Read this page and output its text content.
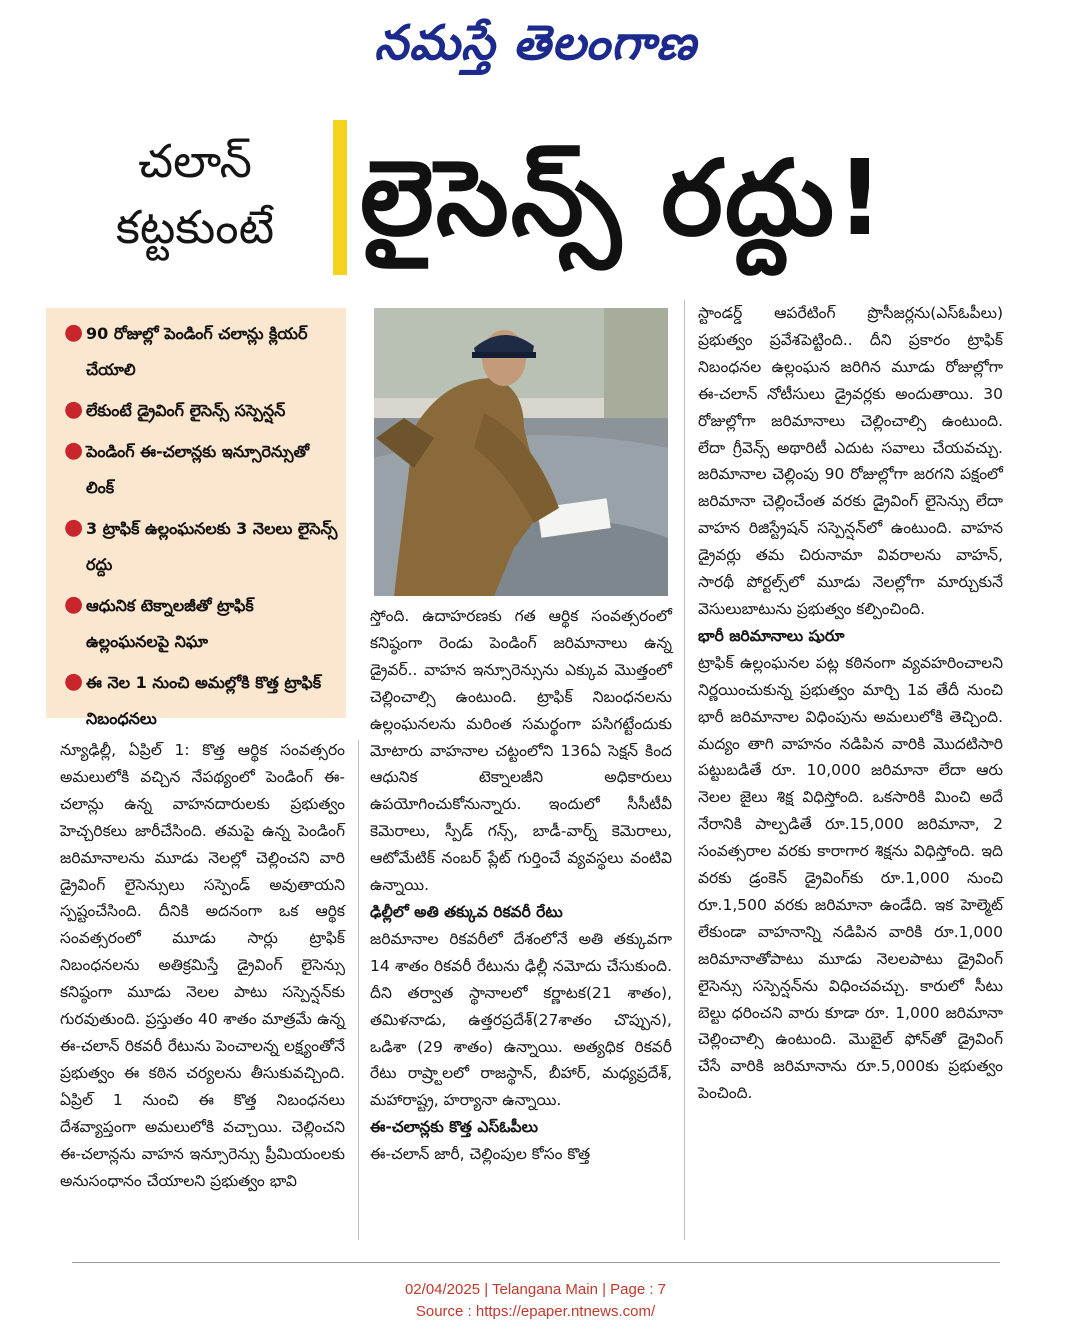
నమస్తే తెలంగాణ
చలాన్
కట్టకుంటే లైసెన్స్ రద్దు!
● 90 రోజుల్లో పెండింగ్ చలాన్లు క్లియర్ చేయాలి
● లేకుంటే డ్రైవింగ్ లైసెన్స్ సస్పెన్షన్
● పెండింగ్ ఈ-చలాన్లకు ఇన్సూరెన్సుతో లింక్
● 3 ట్రాఫిక్ ఉల్లంఘనలకు 3 నెలలు లైసెన్స్ రద్దు
● ఆధునిక టెక్నాలజీతో ట్రాఫిక్ ఉల్లంఘనలపై నిఘా
● ఈ నెల 1 నుంచి అమల్లోకి కొత్త ట్రాఫిక్ నిబంధనలు

న్యూఢిల్లీ, ఏప్రిల్ 1: కొత్త ఆర్థిక సంవత్సరం అమలులోకి వచ్చిన నేపథ్యంలో పెండింగ్ ఈ-చలాన్లు ఉన్న వాహనదారులకు ప్రభుత్వం హెచ్చరికలు జారీచేసింది. తమపై ఉన్న పెండింగ్ జరిమానాలను మూడు నెలల్లో చెల్లించని వారి డ్రైవింగ్ లైసెన్సులు సస్పెండ్ అవుతాయని స్పష్టంచేసింది. దీనికి అదనంగా ఒక ఆర్థిక సంవత్సరంలో మూడు సార్లు ట్రాఫిక్ నిబంధనలను అతిక్రమిస్తే డ్రైవింగ్ లైసెన్సు కనిష్ఠంగా మూడు నెలల పాటు సస్పెన్షన్‌కు గురవుతుంది. ప్రస్తుతం 40 శాతం మాత్రమే ఉన్న ఈ-చలాన్ రికవరీ రేటును పెంచాలన్న లక్ష్యంతోనే ప్రభుత్వం ఈ కఠిన చర్యలను తీసుకువచ్చింది. ఏప్రిల్ 1 నుంచి ఈ కొత్త నిబంధనలు దేశవ్యాప్తంగా అమలులోకి వచ్చాయి. చెల్లించని ఈ-చలాన్లను వాహన ఇన్సూరెన్సు ప్రీమియంలకు అనుసంధానం చేయాలని ప్రభుత్వం భావి

స్తోంది. ఉదాహరణకు గత ఆర్థిక సంవత్సరంలో కనిష్ఠంగా రెండు పెండింగ్ జరిమానాలు ఉన్న డ్రైవర్.. వాహన ఇన్సూరెన్సును ఎక్కువ మొత్తంలో చెల్లించాల్సి ఉంటుంది. ట్రాఫిక్ నిబంధనలను ఉల్లంఘనలను మరింత సమర్థంగా పసిగట్టేందుకు మోటారు వాహనాల చట్టంలోని 136ఏ సెక్షన్ కింద ఆధునిక టెక్నాలజీని అధికారులు ఉపయోగించుకోనున్నారు. ఇందులో సీసీటీవీ కెమెరాలు, స్పీడ్ గన్స్, బాడీ-వార్న్ కెమెరాలు, ఆటోమేటిక్ నంబర్ ప్లేట్ గుర్తించే వ్యవస్థలు వంటివి ఉన్నాయి.

ఢిల్లీలో అతి తక్కువ రికవరీ రేటు

జరిమానాల రికవరీలో దేశంలోనే అతి తక్కువగా 14 శాతం రికవరీ రేటును ఢిల్లీ నమోదు చేసుకుంది. దీని తర్వాత స్థానాలలో కర్ణాటక(21 శాతం), తమిళనాడు, ఉత్తరప్రదేశ్(27శాతం చొప్పున), ఒడిశా (29 శాతం) ఉన్నాయి. అత్యధిక రికవరీ రేటు రాష్ర్టాలలో రాజస్థాన్, బీహార్, మధ్యప్రదేశ్, మహారాష్ట్ర, హర్యానా ఉన్నాయి.

ఈ-చలాన్లకు కొత్త ఎస్‌ఓపీలు

ఈ-చలాన్ జారీ, చెల్లింపుల కోసం కొత్త

స్టాండర్డ్ ఆపరేటింగ్ ప్రొసీజర్లను(ఎస్‌ఓపీలు) ప్రభుత్వం ప్రవేశపెట్టింది.. దీని ప్రకారం ట్రాఫిక్ నిబంధనల ఉల్లంఘన జరిగిన మూడు రోజుల్లోగా ఈ-చలాన్ నోటీసులు డ్రైవర్లకు అందుతాయి. 30 రోజుల్లోగా జరిమానాలు చెల్లించాల్సి ఉంటుంది. లేదా గ్రీవెన్స్ అథారిటీ ఎదుట సవాలు చేయవచ్చు. జరిమానాల చెల్లింపు 90 రోజుల్లోగా జరగని పక్షంలో జరిమానా చెల్లించేంత వరకు డ్రైవింగ్ లైసెన్సు లేదా వాహన రిజిస్ట్రేషన్ సస్పెన్షన్‌లో ఉంటుంది. వాహన డ్రైవర్లు తమ చిరునామా వివరాలను వాహన్, సారథీ పోర్టల్స్‌లో మూడు నెలల్లోగా మార్చుకునే వెసులుబాటును ప్రభుత్వం కల్పించింది.

భారీ జరిమానాలు షురూ

ట్రాఫిక్ ఉల్లంఘనల పట్ల కఠినంగా వ్యవహరించాలని నిర్ణయించుకున్న ప్రభుత్వం మార్చి 1వ తేదీ నుంచి భారీ జరిమానాల విధింపును అమలులోకి తెచ్చింది. మద్యం తాగి వాహనం నడిపిన వారికి మొదటిసారి పట్టుబడితే రూ. 10,000 జరిమానా లేదా ఆరు నెలల జైలు శిక్ష విధిస్తోంది. ఒకసారికి మించి అదే నేరానికి పాల్పడితే రూ.15,000 జరిమానా, 2 సంవత్సరాల వరకు కారాగార శిక్షను విధిస్తోంది. ఇది వరకు డ్రంకెన్ డ్రైవింగ్‌కు రూ.1,000 నుంచి రూ.1,500 వరకు జరిమానా ఉండేది. ఇక హెల్మెట్ లేకుండా వాహనాన్ని నడిపిన వారికి రూ.1,000 జరిమానాతోపాటు మూడు నెలలపాటు డ్రైవింగ్ లైసెన్సు సస్పెన్షన్‌ను విధించవచ్చు. కారులో సీటు బెల్టు ధరించని వారు కూడా రూ. 1,000 జరిమానా చెల్లించాల్సి ఉంటుంది. మొబైల్ ఫోన్‌తో డ్రైవింగ్ చేసే వారికి జరిమానాను రూ.5,000కు ప్రభుత్వం పెంచింది.

02/04/2025 | Telangana Main | Page : 7
Source : https://epaper.ntnews.com/
